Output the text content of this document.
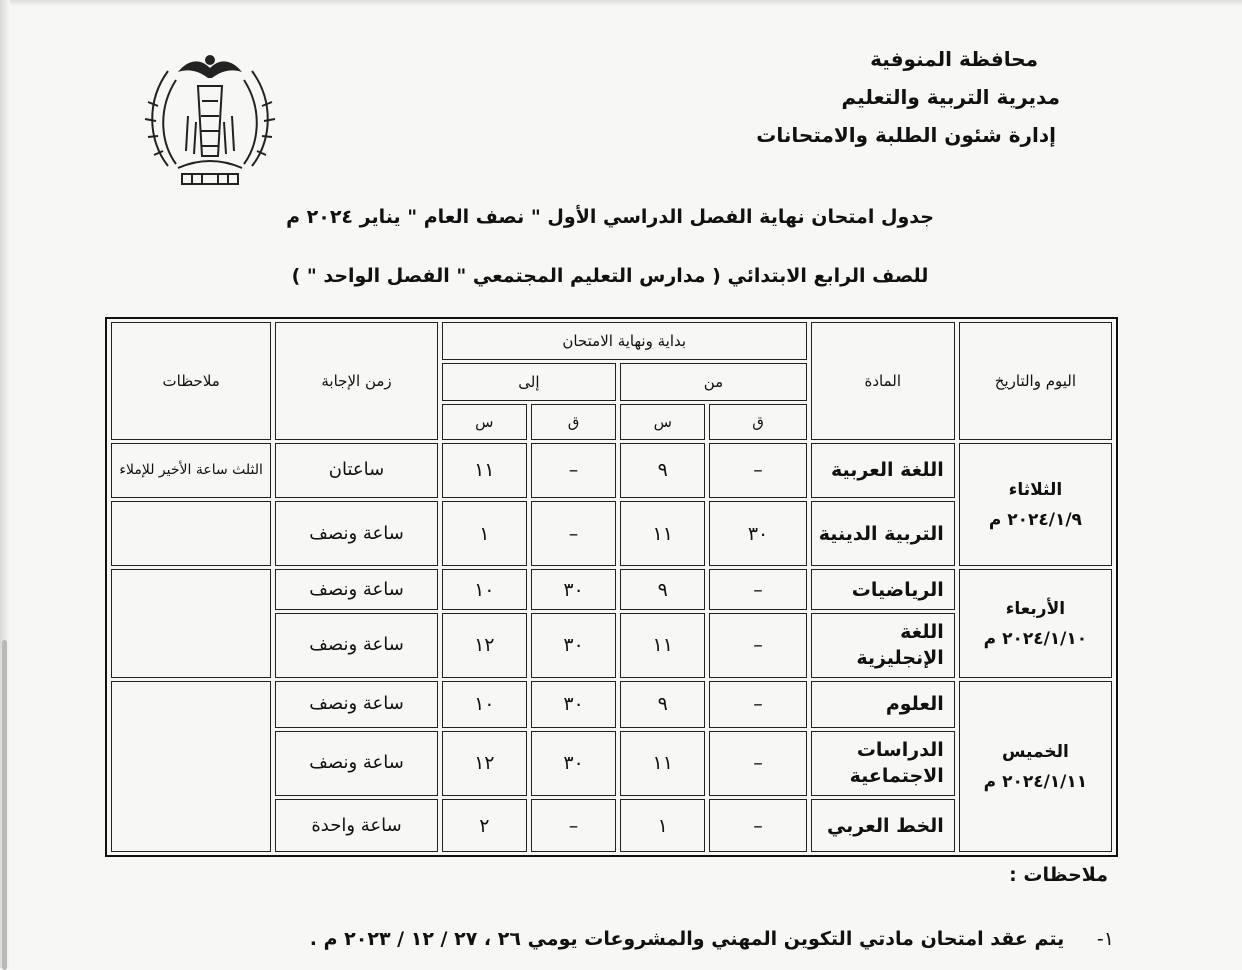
محافظة المنوفية
مديرية التربية والتعليم
إدارة شئون الطلبة والامتحانات
جدول امتحان نهاية الفصل الدراسي الأول " نصف العام " يناير ٢٠٢٤ م
للصف الرابع الابتدائي ( مدارس التعليم المجتمعي " الفصل الواحد " )
اليوم والتاريخ	المادة	بداية ونهاية الامتحان				زمن الإجابة	ملاحظات
		من		إلى			
		ق	س	ق	س		

الثلاثاء
٢٠٢٤/١/٩ م	اللغة العربية	–	٩	–	١١	ساعتان	الثلث ساعة الأخير للإملاء
	التربية الدينية	٣٠	١١	–	١	ساعة ونصف	

الأربعاء
٢٠٢٤/١/١٠ م	الرياضيات	–	٩	٣٠	١٠	ساعة ونصف	
	اللغة الإنجليزية	–	١١	٣٠	١٢	ساعة ونصف	

الخميس
٢٠٢٤/١/١١ م	العلوم	–	٩	٣٠	١٠	ساعة ونصف	
	الدراسات الاجتماعية	–	١١	٣٠	١٢	ساعة ونصف	
	الخط العربي	–	١	–	٢	ساعة واحدة	
ملاحظات :
١- يتم عقد امتحان مادتي التكوين المهني والمشروعات يومي ٢٦ ، ٢٧ / ١٢ / ٢٠٢٣ م .
